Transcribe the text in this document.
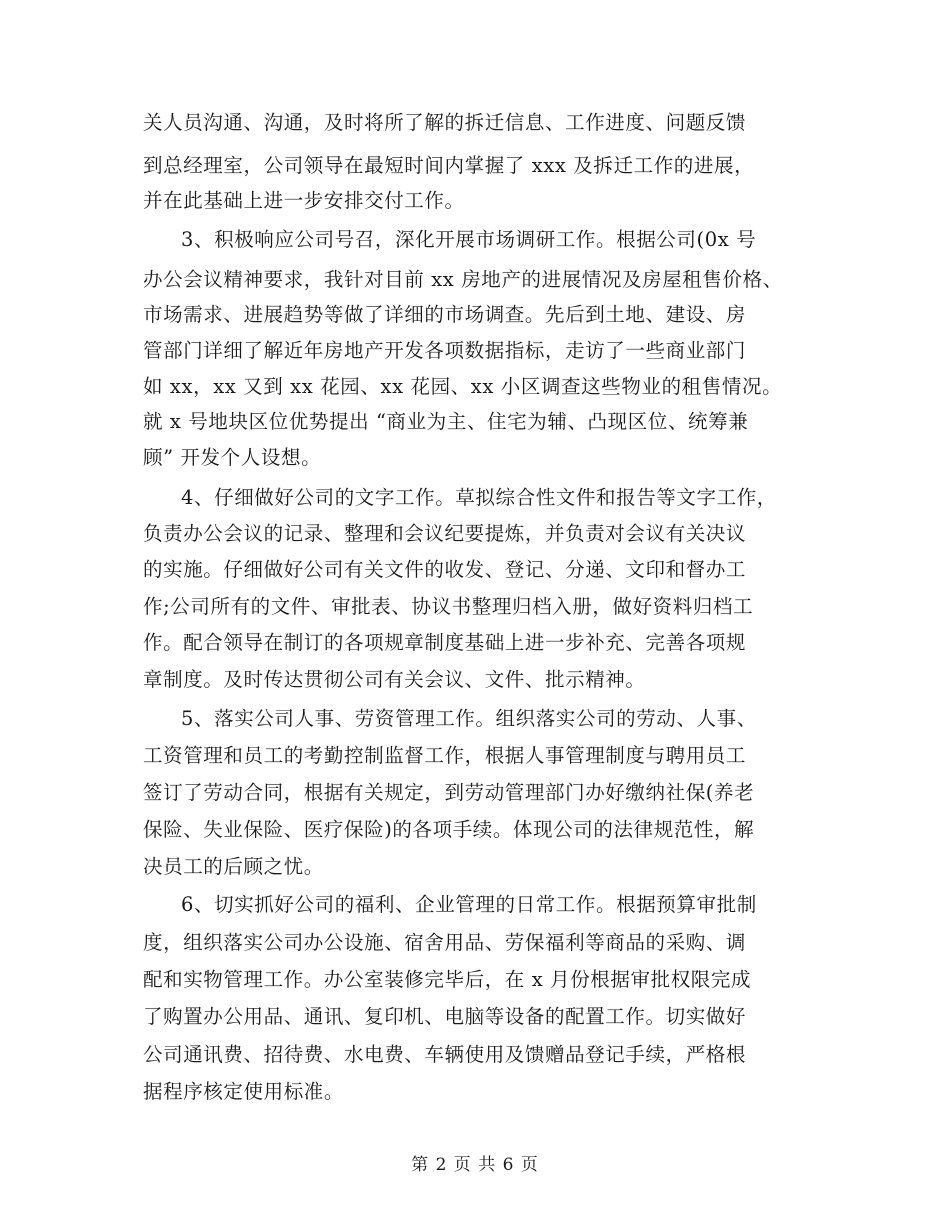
关人员沟通、沟通，及时将所了解的拆迁信息、工作进度、问题反馈
到总经理室，公司领导在最短时间内掌握了 xxx 及拆迁工作的进展，
并在此基础上进一步安排交付工作。
3、积极响应公司号召，深化开展市场调研工作。根据公司(0x 号
办公会议精神要求，我针对目前 xx 房地产的进展情况及房屋租售价格、
市场需求、进展趋势等做了详细的市场调查。先后到土地、建设、房
管部门详细了解近年房地产开发各项数据指标，走访了一些商业部门
如 xx，xx 又到 xx 花园、xx 花园、xx 小区调查这些物业的租售情况。
就 x 号地块区位优势提出 “商业为主、住宅为辅、凸现区位、统筹兼
顾” 开发个人设想。
4、仔细做好公司的文字工作。草拟综合性文件和报告等文字工作，
负责办公会议的记录、整理和会议纪要提炼，并负责对会议有关决议
的实施。仔细做好公司有关文件的收发、登记、分递、文印和督办工
作;公司所有的文件、审批表、协议书整理归档入册，做好资料归档工
作。配合领导在制订的各项规章制度基础上进一步补充、完善各项规
章制度。及时传达贯彻公司有关会议、文件、批示精神。
5、落实公司人事、劳资管理工作。组织落实公司的劳动、人事、
工资管理和员工的考勤控制监督工作，根据人事管理制度与聘用员工
签订了劳动合同，根据有关规定，到劳动管理部门办好缴纳社保(养老
保险、失业保险、医疗保险)的各项手续。体现公司的法律规范性，解
决员工的后顾之忧。
6、切实抓好公司的福利、企业管理的日常工作。根据预算审批制
度，组织落实公司办公设施、宿舍用品、劳保福利等商品的采购、调
配和实物管理工作。办公室装修完毕后，在 x 月份根据审批权限完成
了购置办公用品、通讯、复印机、电脑等设备的配置工作。切实做好
公司通讯费、招待费、水电费、车辆使用及馈赠品登记手续，严格根
据程序核定使用标准。
第 2 页 共 6 页
